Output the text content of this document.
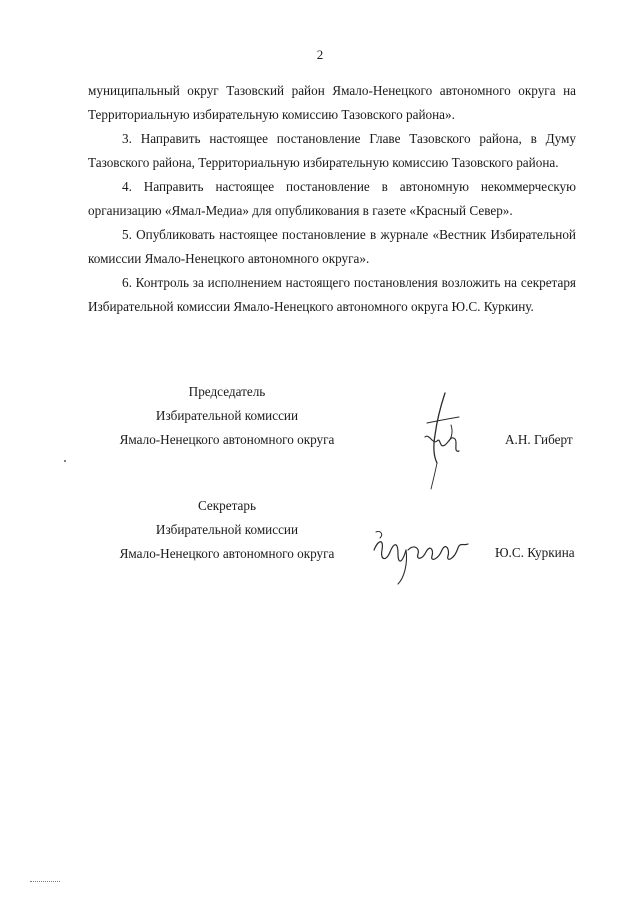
2
муниципальный округ Тазовский район Ямало-Ненецкого автономного округа на Территориальную избирательную комиссию Тазовского района».
3. Направить настоящее постановление Главе Тазовского района, в Думу Тазовского района, Территориальную избирательную комиссию Тазовского района.
4. Направить настоящее постановление в автономную некоммерческую организацию «Ямал-Медиа» для опубликования в газете «Красный Север».
5. Опубликовать настоящее постановление в журнале «Вестник Избирательной комиссии Ямало-Ненецкого автономного округа».
6. Контроль за исполнением настоящего постановления возложить на секретаря Избирательной комиссии Ямало-Ненецкого автономного округа Ю.С. Куркину.
Председатель
Избирательной комиссии
Ямало-Ненецкого автономного округа	А.Н. Гиберт
Секретарь
Избирательной комиссии
Ямало-Ненецкого автономного округа	Ю.С. Куркина
